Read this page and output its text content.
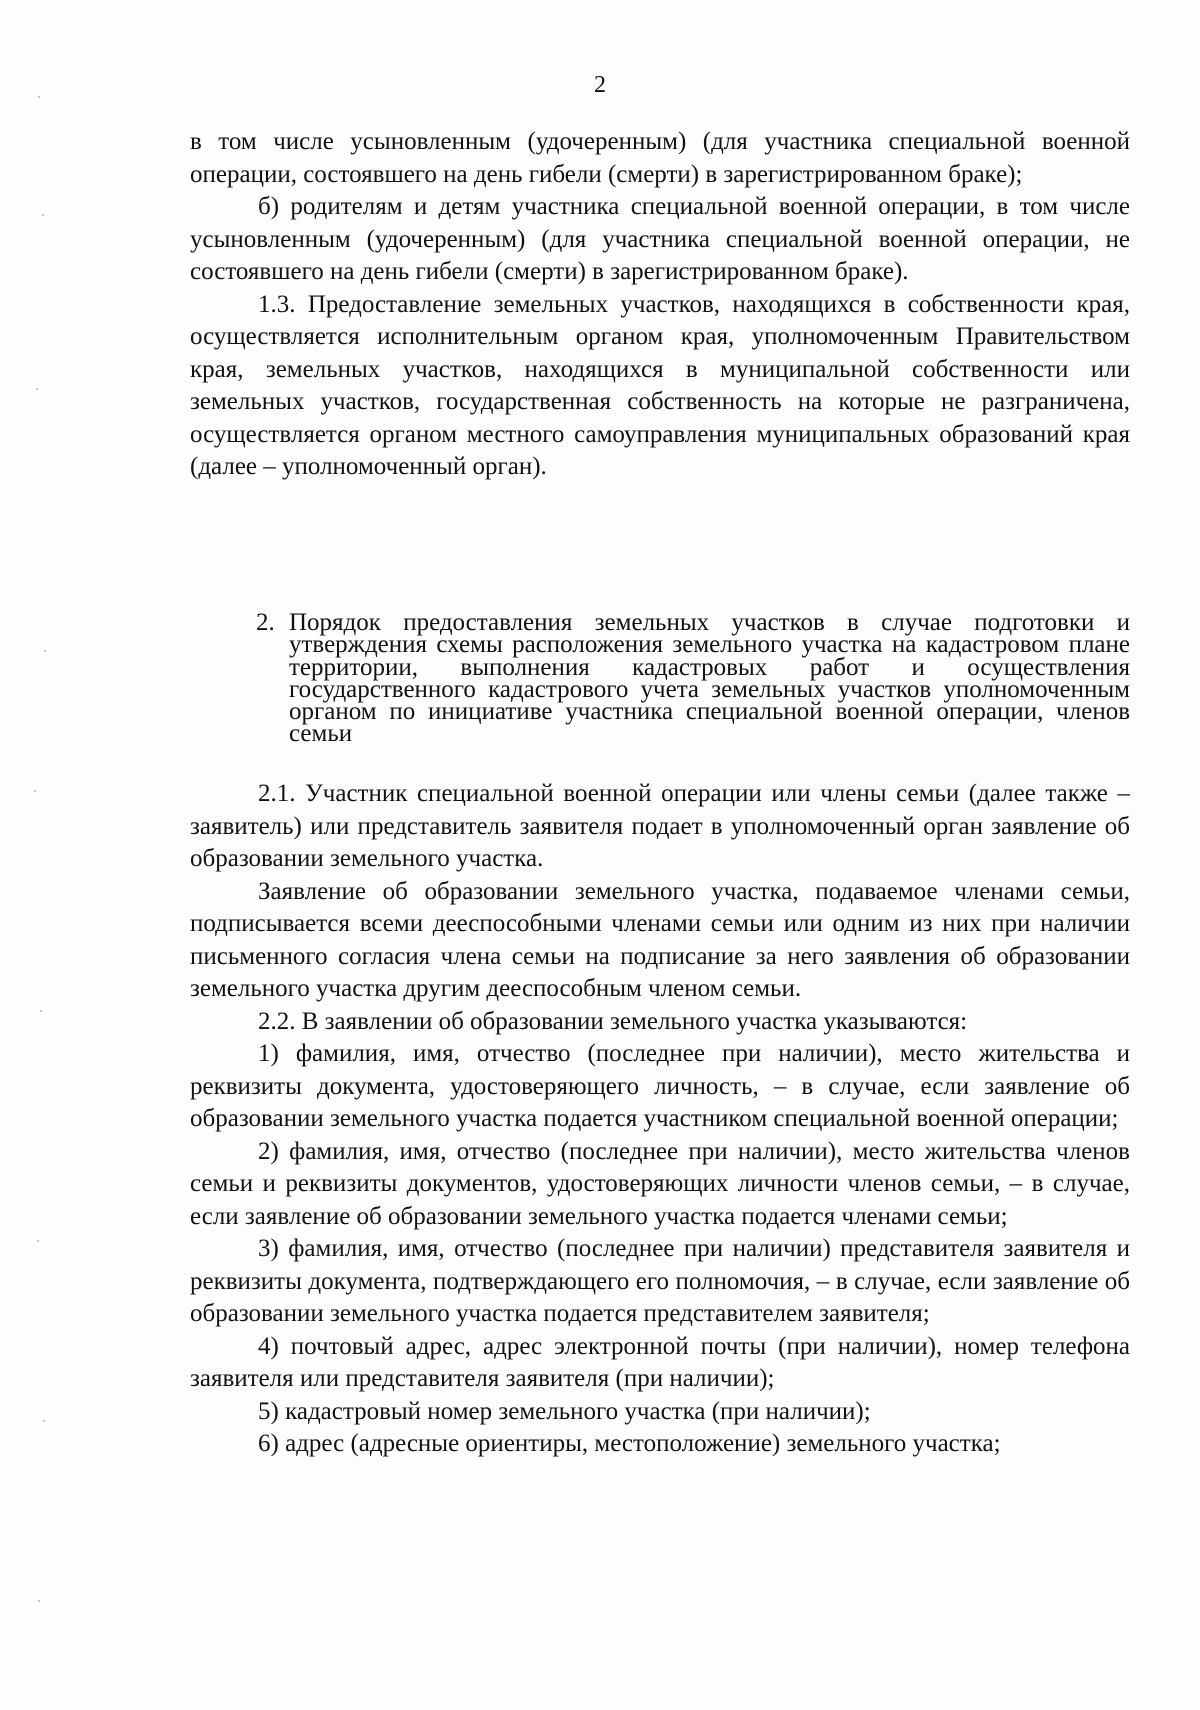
2

в том числе усыновленным (удочеренным) (для участника специальной военной операции, состоявшего на день гибели (смерти) в зарегистрированном браке);

б) родителям и детям участника специальной военной операции, в том числе усыновленным (удочеренным) (для участника специальной военной операции, не состоявшего на день гибели (смерти) в зарегистрированном браке).

1.3. Предоставление земельных участков, находящихся в собственности края, осуществляется исполнительным органом края, уполномоченным Правительством края, земельных участков, находящихся в муниципальной собственности или земельных участков, государственная собственность на которые не разграничена, осуществляется органом местного самоуправления муниципальных образований края (далее – уполномоченный орган).

2. Порядок предоставления земельных участков в случае подготовки и утверждения схемы расположения земельного участка на кадастровом плане территории, выполнения кадастровых работ и осуществления государственного кадастрового учета земельных участков уполномоченным органом по инициативе участника специальной военной операции, членов семьи

2.1. Участник специальной военной операции или члены семьи (далее также – заявитель) или представитель заявителя подает в уполномоченный орган заявление об образовании земельного участка.

Заявление об образовании земельного участка, подаваемое членами семьи, подписывается всеми дееспособными членами семьи или одним из них при наличии письменного согласия члена семьи на подписание за него заявления об образовании земельного участка другим дееспособным членом семьи.

2.2. В заявлении об образовании земельного участка указываются:

1) фамилия, имя, отчество (последнее при наличии), место жительства и реквизиты документа, удостоверяющего личность, – в случае, если заявление об образовании земельного участка подается участником специальной военной операции;

2) фамилия, имя, отчество (последнее при наличии), место жительства членов семьи и реквизиты документов, удостоверяющих личности членов семьи, – в случае, если заявление об образовании земельного участка подается членами семьи;

3) фамилия, имя, отчество (последнее при наличии) представителя заявителя и реквизиты документа, подтверждающего его полномочия, – в случае, если заявление об образовании земельного участка подается представителем заявителя;

4) почтовый адрес, адрес электронной почты (при наличии), номер телефона заявителя или представителя заявителя (при наличии);

5) кадастровый номер земельного участка (при наличии);

6) адрес (адресные ориентиры, местоположение) земельного участка;
